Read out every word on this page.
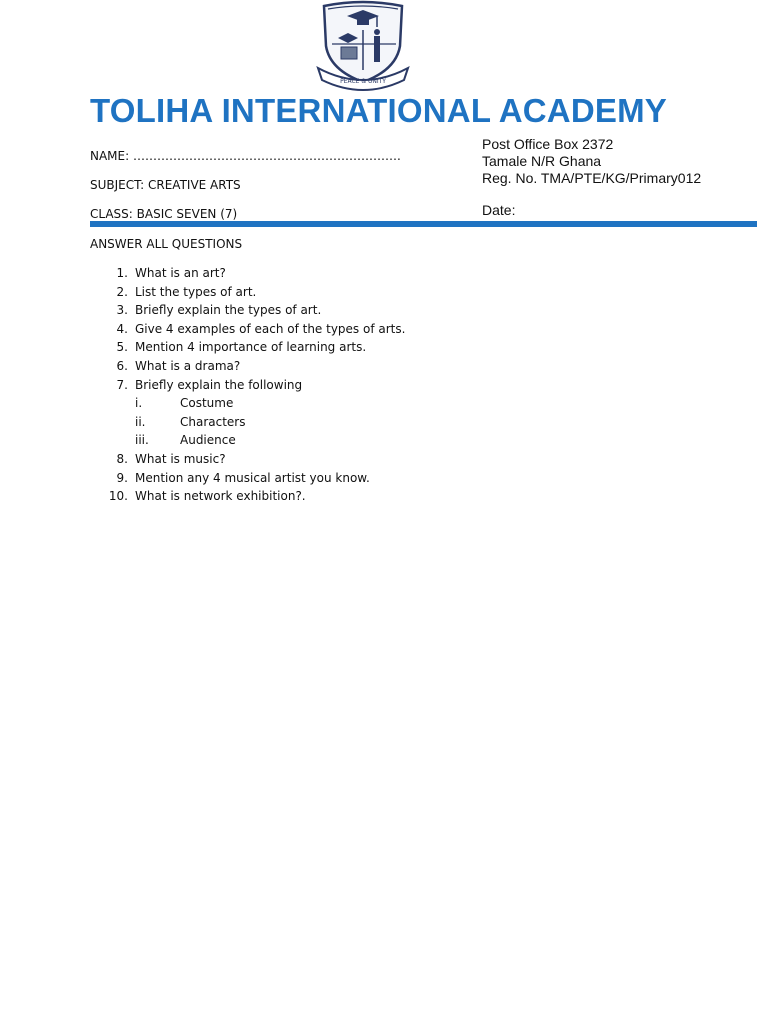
PEACE & UNITY
TOLIHA INTERNATIONAL ACADEMY
Post Office Box 2372
Tamale N/R Ghana
Reg. No. TMA/PTE/KG/Primary012
Date:
NAME: ………………………………………………………….
SUBJECT: CREATIVE ARTS
CLASS: BASIC SEVEN (7)
ANSWER ALL QUESTIONS
1. What is an art?
2. List the types of art.
3. Briefly explain the types of art.
4. Give 4 examples of each of the types of arts.
5. Mention 4 importance of learning arts.
6. What is a drama?
7. Briefly explain the following
i.	Costume
ii.	Characters
iii.	Audience
8. What is music?
9. Mention any 4 musical artist you know.
10. What is network exhibition?.
